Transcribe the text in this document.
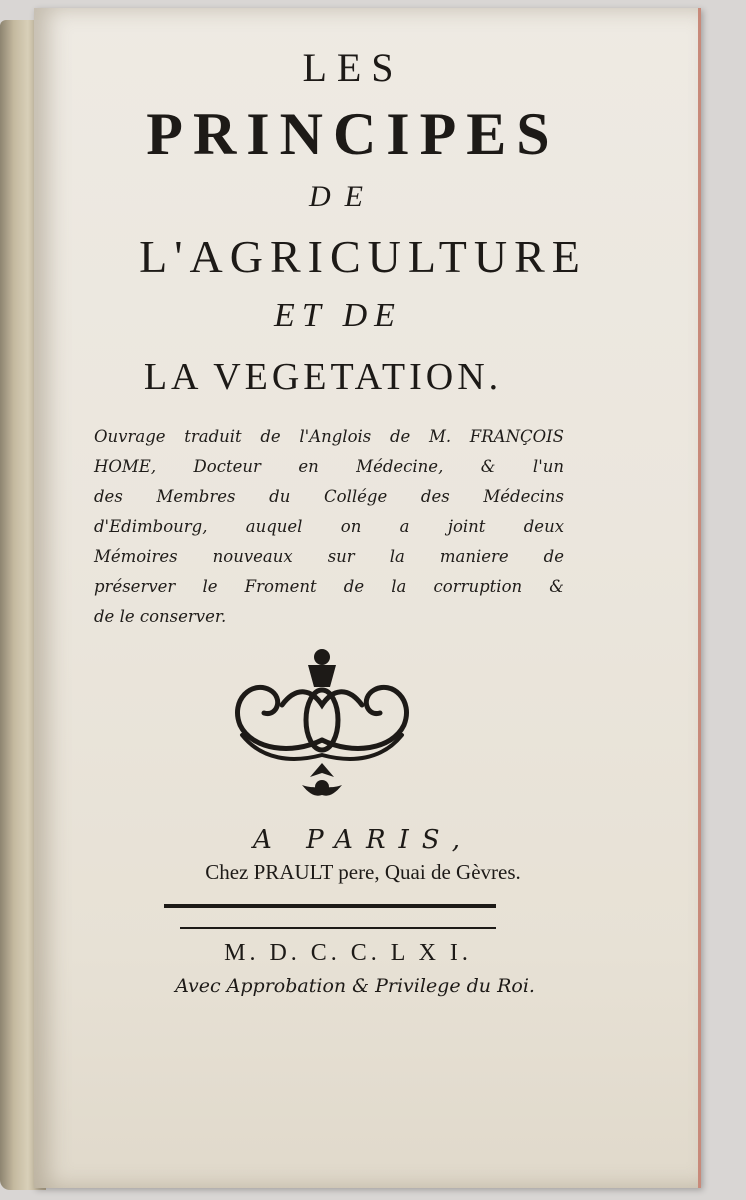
LES
PRINCIPES
DE
L'AGRICULTURE
ET DE
LA VEGETATION.
Ouvrage traduit de l'Anglois de M. FRANÇOIS
HOME, Docteur en Médecine, & l'un
des Membres du Collége des Médecins
d'Edimbourg, auquel on a joint deux
Mémoires nouveaux sur la maniere de
préserver le Froment de la corruption &
de le conserver.
A PARIS,
Chez PRAULT pere, Quai de Gèvres.
M. D. C. C. L X I.
Avec Approbation & Privilege du Roi.
